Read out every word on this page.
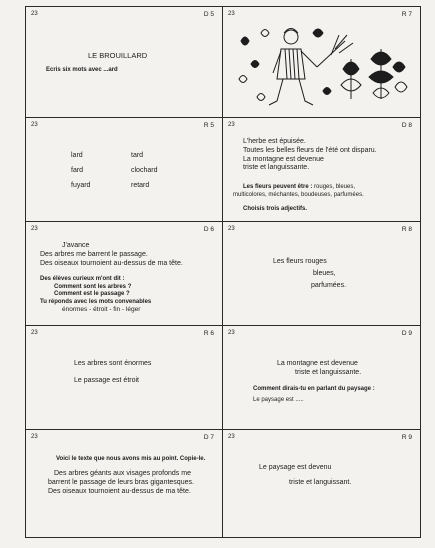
23	D 5
LE BROUILLARD
Ecris six mots avec ...ard
23	R 7
23	R 5
lard	tard
fard	clochard
fuyard	retard
23	D 8
L'herbe est épuisée.
Toutes les belles fleurs de l'été ont disparu.
La montagne est devenue
triste et languissante.
Les fleurs peuvent être : rouges, bleues,
multicolores, méchantes, boudeuses, parfumées.
Choisis trois adjectifs.
23	D 6
J'avance
Des arbres me barrent le passage.
Des oiseaux tournoient au-dessus de ma tête.
Des élèves curieux m'ont dit :
Comment sont les arbres ?
Comment est le passage ?
Tu réponds avec les mots convenables
énormes - étroit - fin - léger
23	R 8
Les fleurs rouges
bleues,
parfumées.
23	R 6
Les arbres sont énormes
Le passage est étroit
23	D 9
La montagne est devenue
triste et languissante.
Comment dirais-tu en parlant du paysage :
Le paysage est .....
23	D 7
Voici le texte que nous avons mis au point. Copie-le.
Des arbres géants aux visages profonds me
barrent le passage de leurs bras gigantesques.
Des oiseaux tournoient au-dessus de ma tête.
23	R 9
Le paysage est devenu
triste et languissant.
